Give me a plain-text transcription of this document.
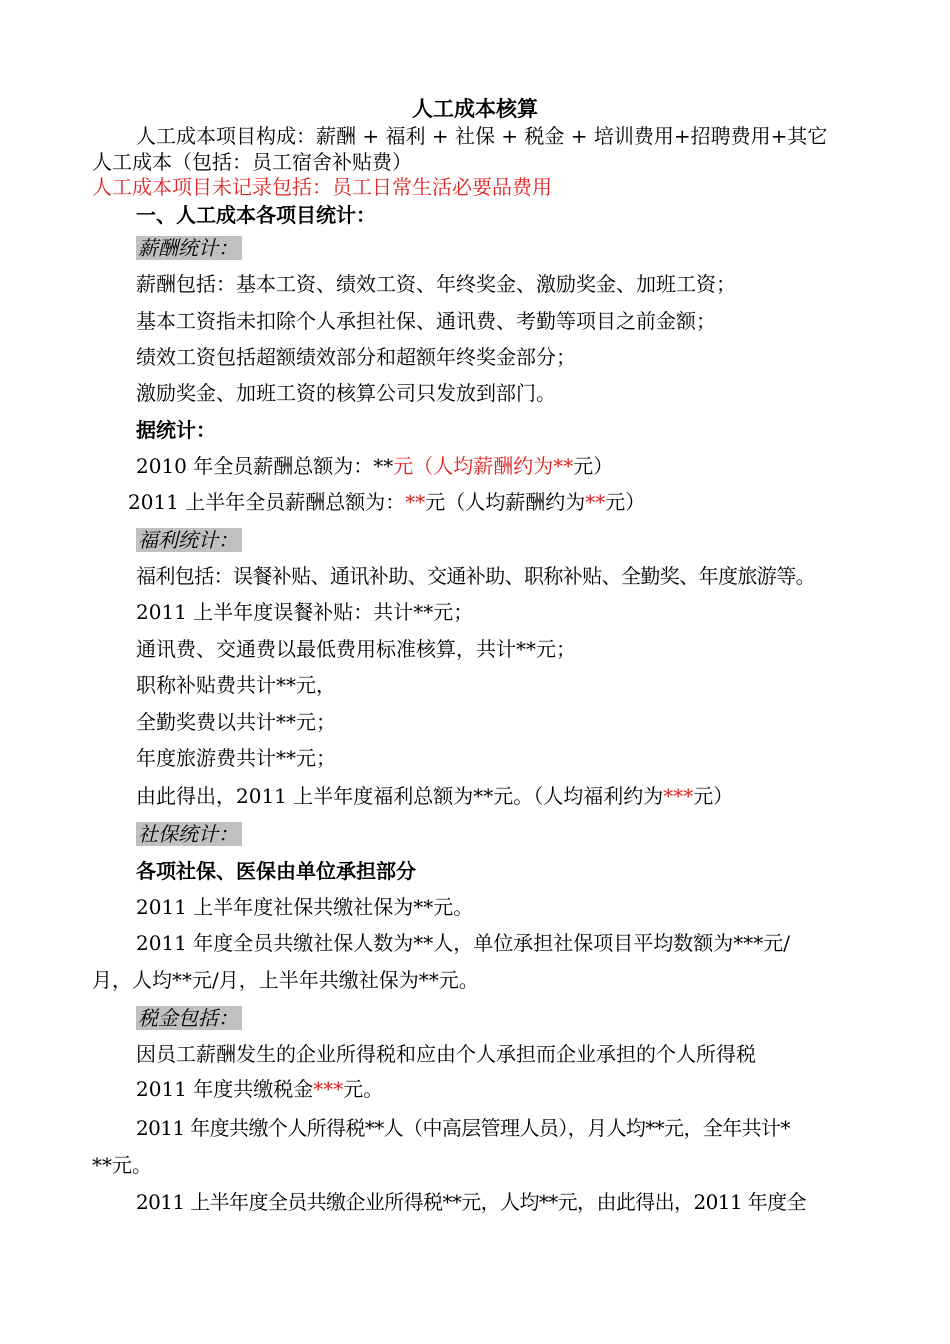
人工成本核算
人工成本项目构成：薪酬 + 福利 + 社保 + 税金 + 培训费用+招聘费用+其它
人工成本（包括：员工宿舍补贴费）
人工成本项目未记录包括：员工日常生活必要品费用
一、人工成本各项目统计：
薪酬统计：
薪酬包括：基本工资、绩效工资、年终奖金、激励奖金、加班工资；
基本工资指未扣除个人承担社保、通讯费、考勤等项目之前金额；
绩效工资包括超额绩效部分和超额年终奖金部分；
激励奖金、加班工资的核算公司只发放到部门。
据统计：
2010 年全员薪酬总额为：**元（人均薪酬约为**元）
2011 上半年全员薪酬总额为：**元（人均薪酬约为**元）
福利统计：
福利包括：误餐补贴、通讯补助、交通补助、职称补贴、全勤奖、年度旅游等。
2011 上半年度误餐补贴：共计**元；
通讯费、交通费以最低费用标准核算，共计**元；
职称补贴费共计**元，
全勤奖费以共计**元；
年度旅游费共计**元；
由此得出，2011 上半年度福利总额为**元。（人均福利约为***元）
社保统计：
各项社保、医保由单位承担部分
2011 上半年度社保共缴社保为**元。
2011 年度全员共缴社保人数为**人，单位承担社保项目平均数额为***元/
月，人均**元/月，上半年共缴社保为**元。
税金包括：
因员工薪酬发生的企业所得税和应由个人承担而企业承担的个人所得税
2011 年度共缴税金***元。
2011 年度共缴个人所得税**人（中高层管理人员），月人均**元，全年共计*
**元。
2011 上半年度全员共缴企业所得税**元，人均**元，由此得出，2011 年度全
